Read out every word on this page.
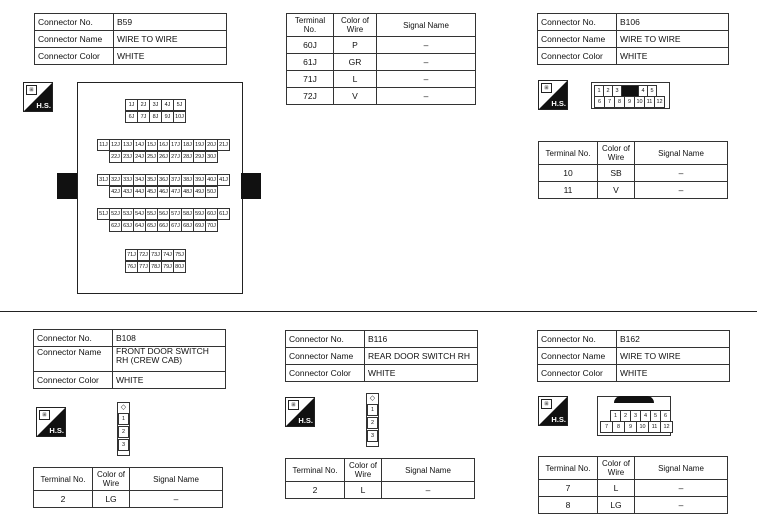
Connector No.	B59
Connector Name	WIRE TO WIRE
Connector Color	WHITE
⊞
H.S.	1J	2J	3J	4J	5J
6J	7J	8J	9J 10J
11J 12J 13J 14J 15J 16J 17J 18J 19J 20J 21J
22J 23J 24J 25J 26J 27J 28J 29J 30J
31J 32J 33J 34J 35J 36J 37J 38J 39J 40J 41J
42J 43J 44J 45J 46J 47J 48J 49J 50J
51J 52J 53J 54J 55J 56J 57J 58J 59J 60J 61J
62J 63J 64J 65J 66J 67J 68J 69J 70J
71J 72J 73J 74J 75J
76J 77J 78J 79J 80J
Terminal No.	Color of Wire	Signal Name
60J	P	–
61J	GR	–
71J	L	–
72J	V	–
Connector No.	B106
Connector Name	WIRE TO WIRE
Connector Color	WHITE
⊞
H.S.
1	2	3	4	5
6	7	8	9 10 11 12
Terminal No.	Color of Wire	Signal Name
10	SB	–
11	V	–
Connector No.	B108
Connector Name	FRONT DOOR SWITCH RH (CREW CAB)
Connector Color	WHITE
⊞
H.S.
◇
1
2
3
Terminal No.	Color of Wire	Signal Name
2	LG	–
Connector No.	B116
Connector Name	REAR DOOR SWITCH RH
Connector Color	WHITE
⊞
H.S.
◇
1
2
3
Terminal No.	Color of Wire	Signal Name
2	L	–
Connector No.	B162
Connector Name	WIRE TO WIRE
Connector Color	WHITE
⊞
H.S.	1	2	3	4	5	6
7	8	9	10	11	12
Terminal No.	Color of Wire	Signal Name
7	L	–
8	LG	–
